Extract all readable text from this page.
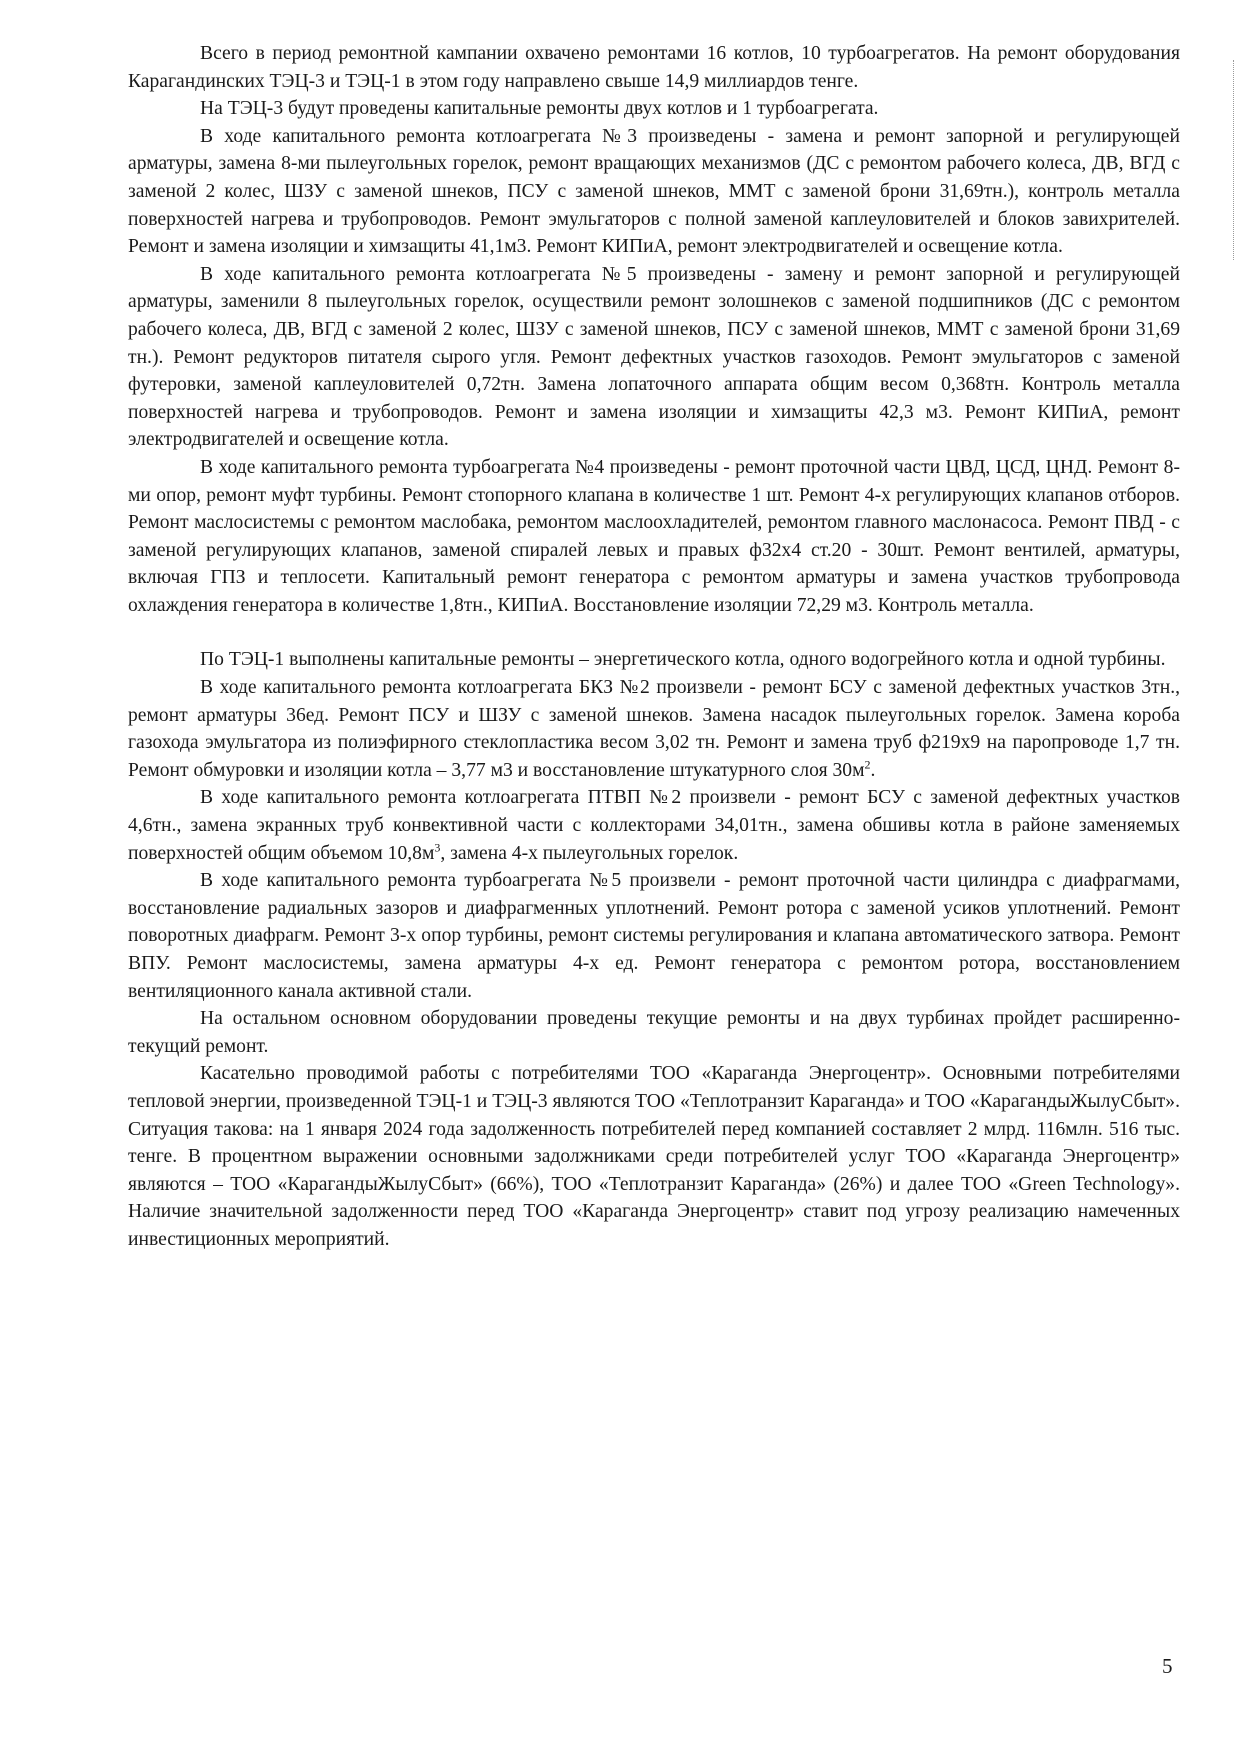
Всего в период ремонтной кампании охвачено ремонтами 16 котлов, 10 турбоагрегатов. На ремонт оборудования Карагандинских ТЭЦ-3 и ТЭЦ-1 в этом году направлено свыше 14,9 миллиардов тенге.

На ТЭЦ-3 будут проведены капитальные ремонты двух котлов и 1 турбоагрегата.

В ходе капитального ремонта котлоагрегата №3 произведены - замена и ремонт запорной и регулирующей арматуры, замена 8-ми пылеугольных горелок, ремонт вращающих механизмов (ДС с ремонтом рабочего колеса, ДВ, ВГД с заменой 2 колес, ШЗУ с заменой шнеков, ПСУ с заменой шнеков, ММТ с заменой брони 31,69тн.), контроль металла поверхностей нагрева и трубопроводов. Ремонт эмульгаторов с полной заменой каплеуловителей и блоков завихрителей. Ремонт и замена изоляции и химзащиты 41,1м3. Ремонт КИПиА, ремонт электродвигателей и освещение котла.

В ходе капитального ремонта котлоагрегата №5 произведены - замену и ремонт запорной и регулирующей арматуры, заменили 8 пылеугольных горелок, осуществили ремонт золошнеков с заменой подшипников (ДС с ремонтом рабочего колеса, ДВ, ВГД с заменой 2 колес, ШЗУ с заменой шнеков, ПСУ с заменой шнеков, ММТ с заменой брони 31,69 тн.). Ремонт редукторов питателя сырого угля. Ремонт дефектных участков газоходов. Ремонт эмульгаторов с заменой футеровки, заменой каплеуловителей 0,72тн. Замена лопаточного аппарата общим весом 0,368тн. Контроль металла поверхностей нагрева и трубопроводов. Ремонт и замена изоляции и химзащиты 42,3 м3. Ремонт КИПиА, ремонт электродвигателей и освещение котла.

В ходе капитального ремонта турбоагрегата №4 произведены - ремонт проточной части ЦВД, ЦСД, ЦНД. Ремонт 8-ми опор, ремонт муфт турбины. Ремонт стопорного клапана в количестве 1 шт. Ремонт 4-х регулирующих клапанов отборов. Ремонт маслосистемы с ремонтом маслобака, ремонтом маслоохладителей, ремонтом главного маслонасоса. Ремонт ПВД - с заменой регулирующих клапанов, заменой спиралей левых и правых ф32х4 ст.20 - 30шт. Ремонт вентилей, арматуры, включая ГПЗ и теплосети. Капитальный ремонт генератора с ремонтом арматуры и замена участков трубопровода охлаждения генератора в количестве 1,8тн., КИПиА. Восстановление изоляции 72,29 м3. Контроль металла.

По ТЭЦ-1 выполнены капитальные ремонты – энергетического котла, одного водогрейного котла и одной турбины.

В ходе капитального ремонта котлоагрегата БКЗ №2 произвели - ремонт БСУ с заменой дефектных участков 3тн., ремонт арматуры 36ед. Ремонт ПСУ и ШЗУ с заменой шнеков. Замена насадок пылеугольных горелок. Замена короба газохода эмульгатора из полиэфирного стеклопластика весом 3,02 тн. Ремонт и замена труб ф219х9 на паропроводе 1,7 тн. Ремонт обмуровки и изоляции котла – 3,77 м3 и восстановление штукатурного слоя $30м^2$.

В ходе капитального ремонта котлоагрегата ПТВП №2 произвели - ремонт БСУ с заменой дефектных участков 4,6тн., замена экранных труб конвективной части с коллекторами 34,01тн., замена обшивы котла в районе заменяемых поверхностей общим объемом $10,8м^3$, замена 4-х пылеугольных горелок.

В ходе капитального ремонта турбоагрегата №5 произвели - ремонт проточной части цилиндра с диафрагмами, восстановление радиальных зазоров и диафрагменных уплотнений. Ремонт ротора с заменой усиков уплотнений. Ремонт поворотных диафрагм. Ремонт 3-х опор турбины, ремонт системы регулирования и клапана автоматического затвора. Ремонт ВПУ. Ремонт маслосистемы, замена арматуры 4-х ед. Ремонт генератора с ремонтом ротора, восстановлением вентиляционного канала активной стали.

На остальном основном оборудовании проведены текущие ремонты и на двух турбинах пройдет расширенно-текущий ремонт.

Касательно проводимой работы с потребителями ТОО «Караганда Энергоцентр». Основными потребителями тепловой энергии, произведенной ТЭЦ-1 и ТЭЦ-3 являются ТОО «Теплотранзит Караганда» и ТОО «КарагандыЖылуСбыт». Ситуация такова: на 1 января 2024 года задолженность потребителей перед компанией составляет 2 млрд. 116млн. 516 тыс. тенге. В процентном выражении основными задолжниками среди потребителей услуг ТОО «Караганда Энергоцентр» являются – ТОО «КарагандыЖылуСбыт» (66%), ТОО «Теплотранзит Караганда» (26%) и далее ТОО «Green Technology». Наличие значительной задолженности перед ТОО «Караганда Энергоцентр» ставит под угрозу реализацию намеченных инвестиционных мероприятий.

5
